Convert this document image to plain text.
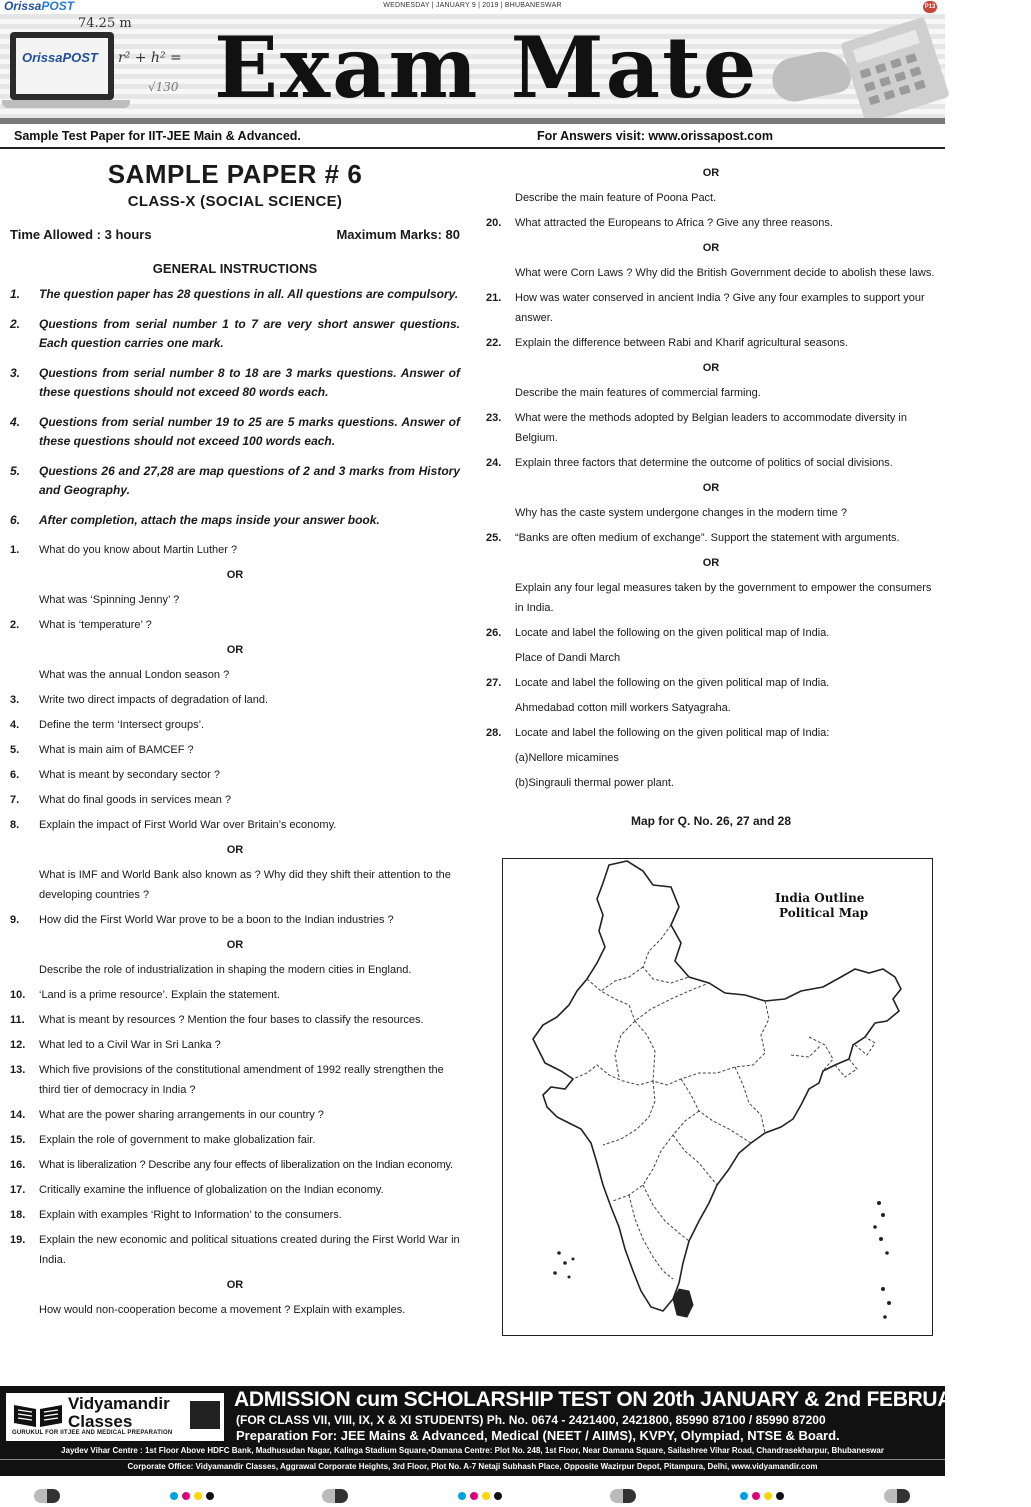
OrissaPOST	WEDNESDAY | JANUARY 9 | 2019 | BHUBANESWAR	P13
OrissaPOST
74.25 m
r² + h² =
√130 Exam Mate
Sample Test Paper for IIT-JEE Main & Advanced.	For Answers visit: www.orissapost.com
SAMPLE PAPER # 6
CLASS-X (SOCIAL SCIENCE)
Time Allowed : 3 hours	Maximum Marks: 80
GENERAL INSTRUCTIONS
1.	The question paper has 28 questions in all. All questions are compulsory.
2.	Questions from serial number 1 to 7 are very short answer questions. Each question carries one mark.
3.	Questions from serial number 8 to 18 are 3 marks questions. Answer of these questions should not exceed 80 words each.
4.	Questions from serial number 19 to 25 are 5 marks questions. Answer of these questions should not exceed 100 words each.
5.	Questions 26 and 27,28 are map questions of 2 and 3 marks from History and Geography.
6.	After completion, attach the maps inside your answer book.
1.	What do you know about Martin Luther ?
OR
What was ‘Spinning Jenny’ ?
2.	What is ‘temperature’ ?
OR
What was the annual London season ?
3.	Write two direct impacts of degradation of land.
4.	Define the term ‘Intersect groups’.
5.	What is main aim of BAMCEF ?
6.	What is meant by secondary sector ?
7.	What do final goods in services mean ?
8.	Explain the impact of First World War over Britain’s economy.
OR
What is IMF and World Bank also known as ? Why did they shift their attention to the developing countries ?
9.	How did the First World War prove to be a boon to the Indian industries ?
OR
Describe the role of industrialization in shaping the modern cities in England.
10.	‘Land is a prime resource’. Explain the statement.
11.	What is meant by resources ? Mention the four bases to classify the resources.
12.	What led to a Civil War in Sri Lanka ?
13.	Which five provisions of the constitutional amendment of 1992 really strengthen the third tier of democracy in India ?
14.	What are the power sharing arrangements in our country ?
15.	Explain the role of government to make globalization fair.
16.	What is liberalization ? Describe any four effects of liberalization on the Indian economy.
17.	Critically examine the influence of globalization on the Indian economy.
18.	Explain with examples ‘Right to Information’ to the consumers.
19.	Explain the new economic and political situations created during the First World War in India.
OR
How would non-cooperation become a movement ? Explain with examples.
OR
Describe the main feature of Poona Pact.
20.	What attracted the Europeans to Africa ? Give any three reasons.
OR
What were Corn Laws ? Why did the British Government decide to abolish these laws.
21.	How was water conserved in ancient India ? Give any four examples to support your answer.
22.	Explain the difference between Rabi and Kharif agricultural seasons.
OR
Describe the main features of commercial farming.
23.	What were the methods adopted by Belgian leaders to accommodate diversity in Belgium.
24.	Explain three factors that determine the outcome of politics of social divisions.
OR
Why has the caste system undergone changes in the modern time ?
25.	“Banks are often medium of exchange”. Support the statement with arguments.
OR
Explain any four legal measures taken by the government to empower the consumers in India.
26.	Locate and label the following on the given political map of India.
Place of Dandi March
27.	Locate and label the following on the given political map of India.
Ahmedabad cotton mill workers Satyagraha.
28.	Locate and label the following on the given political map of India:
(a)Nellore micamines
(b)Singrauli thermal power plant.
Map for Q. No. 26, 27 and 28
India Outline
Political Map
Vidyamandir
Classes
GURUKUL FOR IITJEE AND MEDICAL PREPARATION
ADMISSION cum SCHOLARSHIP TEST ON 20th JANUARY & 2nd FEBRUARY 2019
(FOR CLASS VII, VIII, IX, X & XI STUDENTS) Ph. No. 0674 - 2421400, 2421800, 85990 87100 / 85990 87200
Preparation For: JEE Mains & Advanced, Medical (NEET / AIIMS), KVPY, Olympiad, NTSE & Board.
Jaydev Vihar Centre : 1st Floor Above HDFC Bank, Madhusudan Nagar, Kalinga Stadium Square,•Damana Centre: Plot No. 248, 1st Floor, Near Damana Square, Sailashree Vihar Road, Chandrasekharpur, Bhubaneswar
Corporate Office: Vidyamandir Classes, Aggrawal Corporate Heights, 3rd Floor, Plot No. A-7 Netaji Subhash Place, Opposite Wazirpur Depot, Pitampura, Delhi, www.vidyamandir.com
